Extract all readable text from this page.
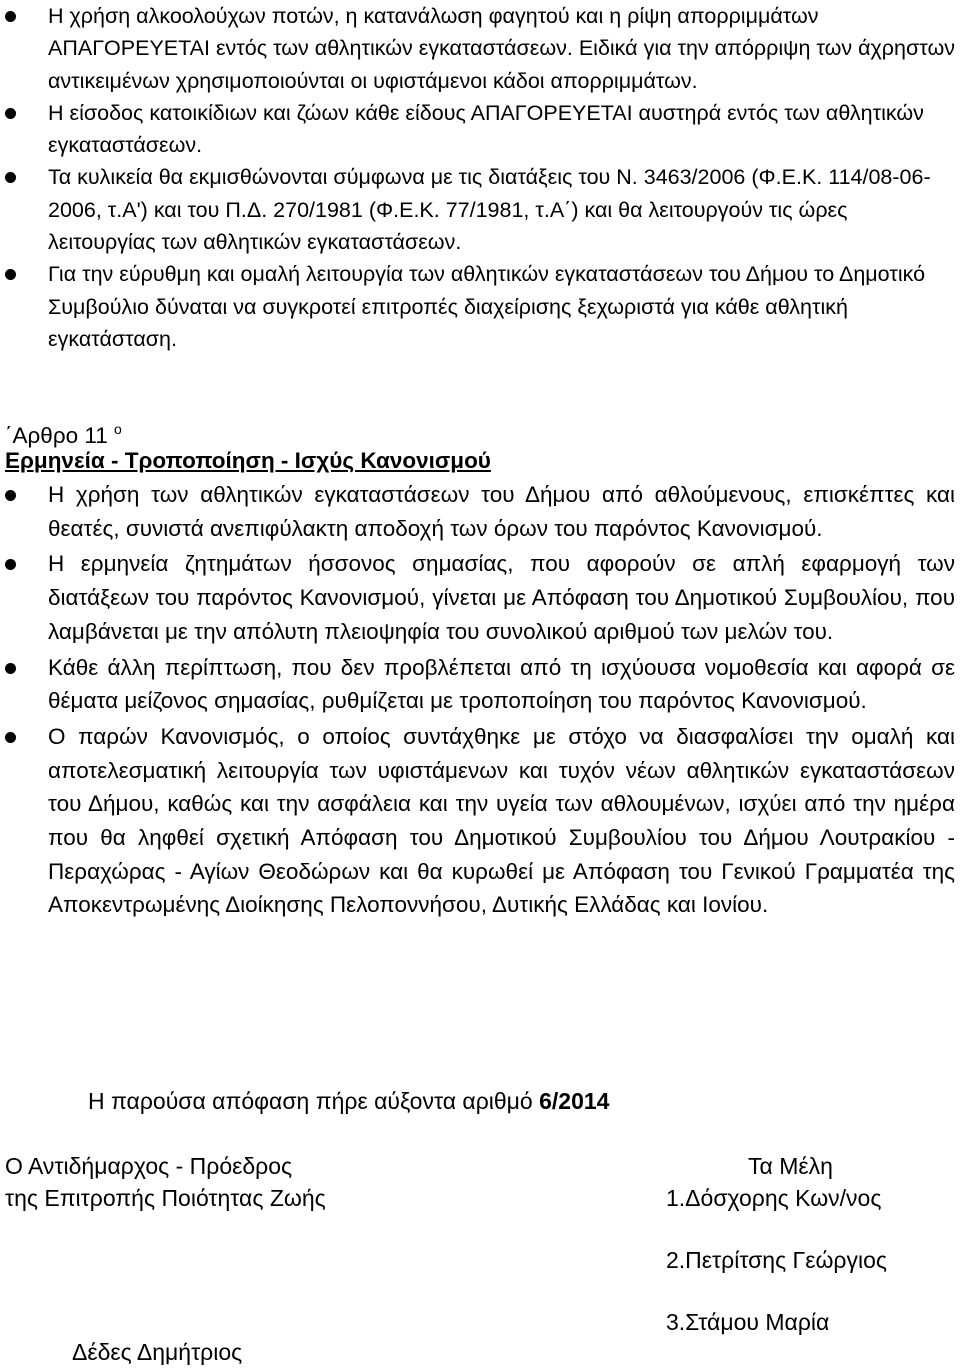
Η χρήση αλκοολούχων ποτών, η κατανάλωση φαγητού και η ρίψη απορριμμάτων ΑΠΑΓΟΡΕΥΕΤΑΙ εντός των αθλητικών εγκαταστάσεων. Ειδικά για την απόρριψη των άχρηστων αντικειμένων χρησιμοποιούνται οι υφιστάμενοι κάδοι απορριμμάτων.
Η είσοδος κατοικίδιων και ζώων κάθε είδους ΑΠΑΓΟΡΕΥΕΤΑΙ αυστηρά εντός των αθλητικών εγκαταστάσεων.
Τα κυλικεία θα εκμισθώνονται σύμφωνα με τις διατάξεις του Ν. 3463/2006 (Φ.Ε.Κ. 114/08-06-2006, τ.Α') και του Π.Δ. 270/1981 (Φ.Ε.Κ. 77/1981, τ.Α΄) και θα λειτουργούν τις ώρες λειτουργίας των αθλητικών εγκαταστάσεων.
Για την εύρυθμη και ομαλή λειτουργία των αθλητικών εγκαταστάσεων του Δήμου το Δημοτικό Συμβούλιο δύναται να συγκροτεί επιτροπές διαχείρισης ξεχωριστά για κάθε αθλητική εγκατάσταση.
΄Αρθρο 11 $^o$
Ερμηνεία - Τροποποίηση - Ισχύς Κανονισμού
Η χρήση των αθλητικών εγκαταστάσεων του Δήμου από αθλούμενους, επισκέπτες και θεατές, συνιστά ανεπιφύλακτη αποδοχή των όρων του παρόντος Κανονισμού.
Η ερμηνεία ζητημάτων ήσσονος σημασίας, που αφορούν σε απλή εφαρμογή των διατάξεων του παρόντος Κανονισμού, γίνεται με Απόφαση του Δημοτικού Συμβουλίου, που λαμβάνεται με την απόλυτη πλειοψηφία του συνολικού αριθμού των μελών του.
Κάθε άλλη περίπτωση, που δεν προβλέπεται από τη ισχύουσα νομοθεσία και αφορά σε θέματα μείζονος σημασίας, ρυθμίζεται με τροποποίηση του παρόντος Κανονισμού.
Ο παρών Κανονισμός, ο οποίος συντάχθηκε με στόχο να διασφαλίσει την ομαλή και αποτελεσματική λειτουργία των υφιστάμενων και τυχόν νέων αθλητικών εγκαταστάσεων του Δήμου, καθώς και την ασφάλεια και την υγεία των αθλουμένων, ισχύει από την ημέρα που θα ληφθεί σχετική Απόφαση του Δημοτικού Συμβουλίου του Δήμου Λουτρακίου - Περαχώρας - Αγίων Θεοδώρων και θα κυρωθεί με Απόφαση του Γενικού Γραμματέα της Αποκεντρωμένης Διοίκησης Πελοποννήσου, Δυτικής Ελλάδας και Ιονίου.
Η παρούσα απόφαση πήρε αύξοντα αριθμό 6/2014
Ο Αντιδήμαρχος - Πρόεδρος
της Επιτροπής Ποιότητας Ζωής
Δέδες Δημήτριος
Τα Μέλη
1.Δόσχορης Κων/νος
2.Πετρίτσης Γεώργιος
3.Στάμου Μαρία
